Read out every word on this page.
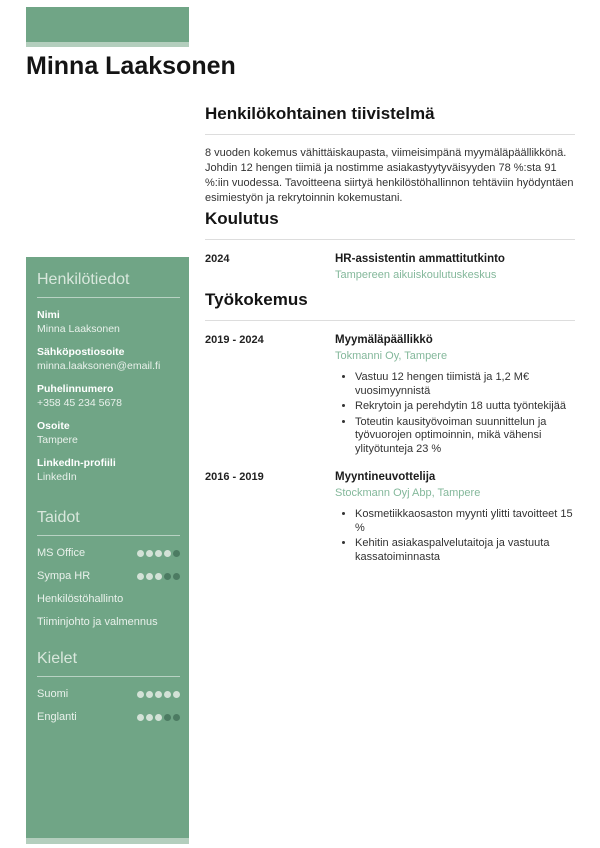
Minna Laaksonen
Henkilötiedot
Nimi
Minna Laaksonen
Sähköpostiosoite
minna.laaksonen@email.fi
Puhelinnumero
+358 45 234 5678
Osoite
Tampere
LinkedIn-profiili
LinkedIn
Taidot
MS Office
Sympa HR
Henkilöstöhallinto
Tiiminjohto ja valmennus
Kielet
Suomi
Englanti
Henkilökohtainen tiivistelmä

8 vuoden kokemus vähittäiskaupasta, viimeisimpänä myymäläpäällikkönä. Johdin 12 hengen tiimiä ja nostimme asiakastyytyväisyyden 78 %:sta 91 %:iin vuodessa. Tavoitteena siirtyä henkilöstöhallinnon tehtäviin hyödyntäen esimiestyön ja rekrytoinnin kokemustani.

Koulutus
2024	HR-assistentin ammattitutkinto
Tampereen aikuiskoulutuskeskus
Työkokemus
2019 - 2024	Myymäläpäällikkö
Tokmanni Oy, Tampere
• Vastuu 12 hengen tiimistä ja 1,2 M€ vuosimyynnistä
• Rekrytoin ja perehdytin 18 uutta työntekijää
• Toteutin kausityövoiman suunnittelun ja työvuorojen optimoinnin, mikä vähensi ylityötunteja 23 %
2016 - 2019	Myyntineuvottelija
Stockmann Oyj Abp, Tampere
• Kosmetiikkaosaston myynti ylitti tavoitteet 15 %
• Kehitin asiakaspalvelutaitoja ja vastuuta kassatoiminnasta
